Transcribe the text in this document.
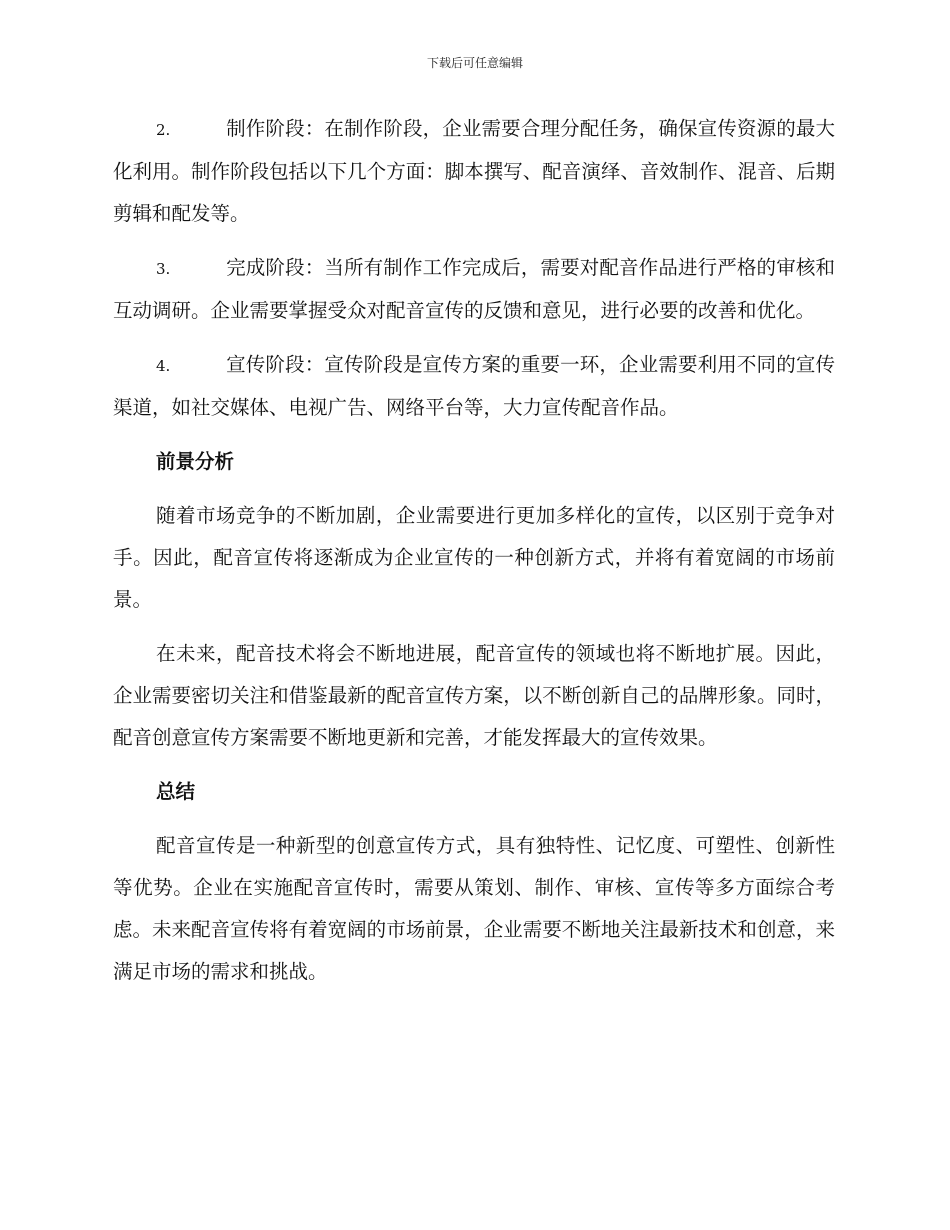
下载后可任意编辑

2.	制作阶段：在制作阶段，企业需要合理分配任务，确保宣传资源的最大化利用。制作阶段包括以下几个方面：脚本撰写、配音演绎、音效制作、混音、后期剪辑和配发等。

3.	完成阶段：当所有制作工作完成后，需要对配音作品进行严格的审核和互动调研。企业需要掌握受众对配音宣传的反馈和意见，进行必要的改善和优化。

4.	宣传阶段：宣传阶段是宣传方案的重要一环，企业需要利用不同的宣传渠道，如社交媒体、电视广告、网络平台等，大力宣传配音作品。

前景分析

随着市场竞争的不断加剧，企业需要进行更加多样化的宣传，以区别于竞争对手。因此，配音宣传将逐渐成为企业宣传的一种创新方式，并将有着宽阔的市场前景。

在未来，配音技术将会不断地进展，配音宣传的领域也将不断地扩展。因此，企业需要密切关注和借鉴最新的配音宣传方案，以不断创新自己的品牌形象。同时，配音创意宣传方案需要不断地更新和完善，才能发挥最大的宣传效果。

总结

配音宣传是一种新型的创意宣传方式，具有独特性、记忆度、可塑性、创新性等优势。企业在实施配音宣传时，需要从策划、制作、审核、宣传等多方面综合考虑。未来配音宣传将有着宽阔的市场前景，企业需要不断地关注最新技术和创意，来满足市场的需求和挑战。
